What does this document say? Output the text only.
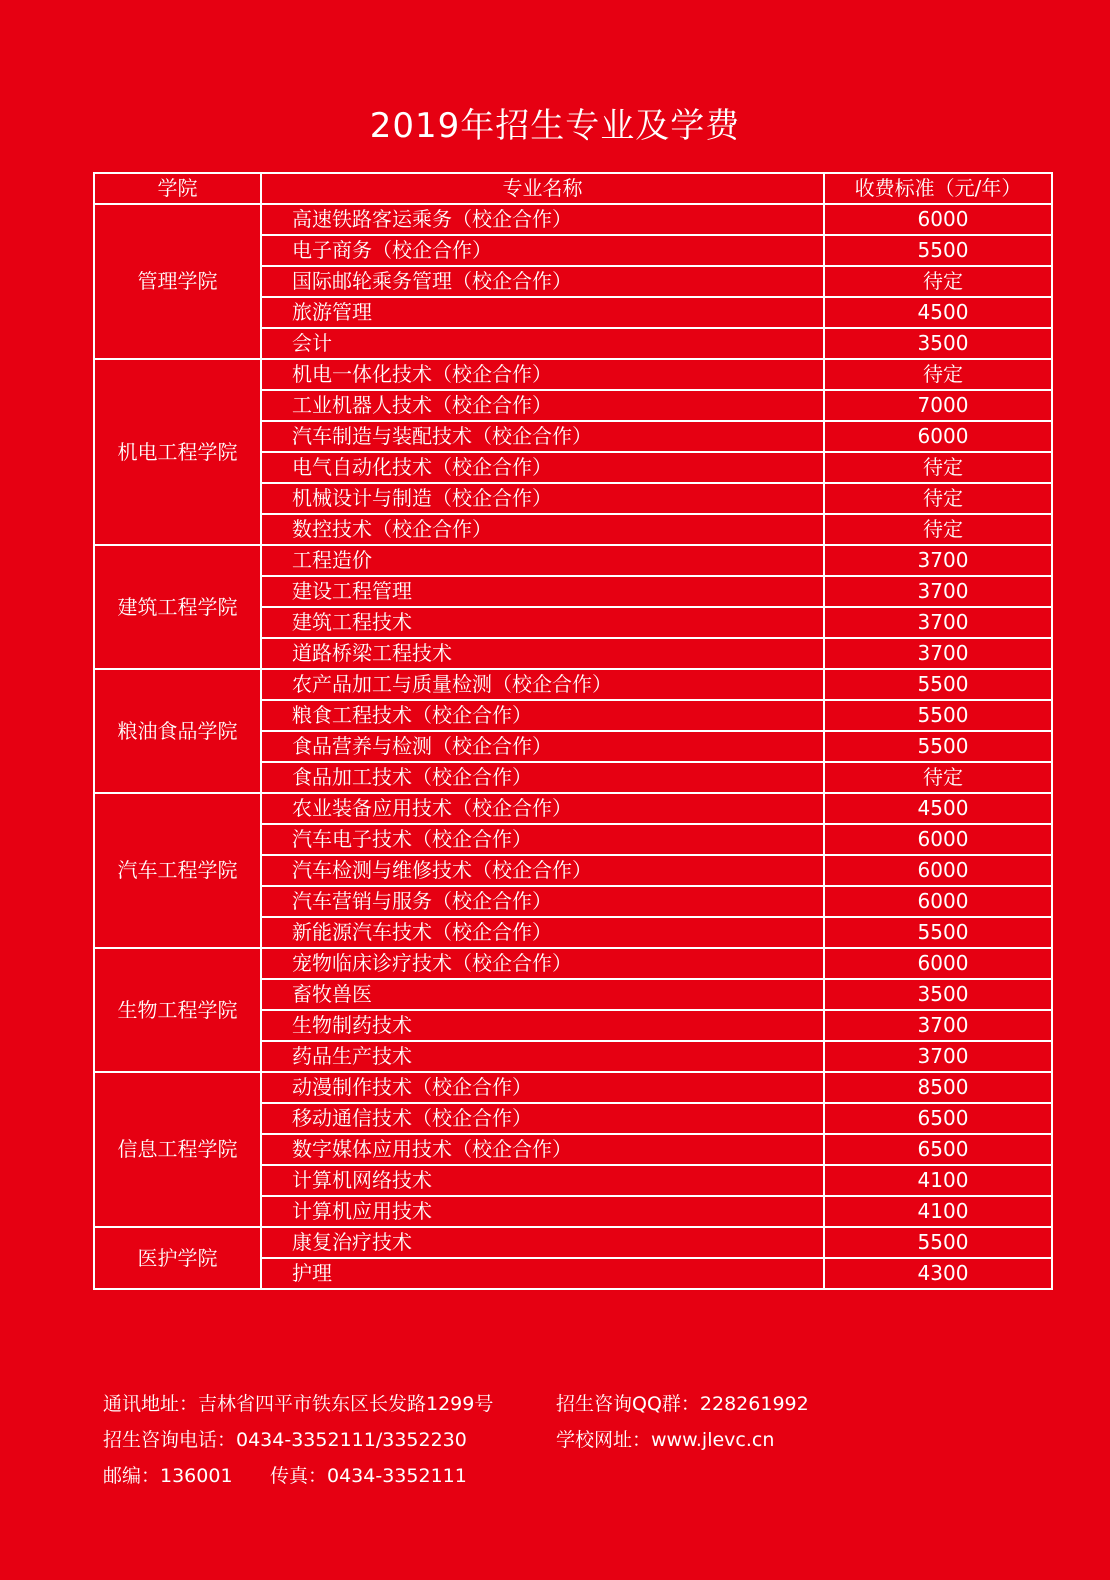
2019年招生专业及学费
学院	专业名称	收费标准（元/年）
管理学院	高速铁路客运乘务（校企合作）	6000
	电子商务（校企合作）	5500
	国际邮轮乘务管理（校企合作）	待定
	旅游管理	4500
	会计	3500
机电工程学院	机电一体化技术（校企合作）	待定
	工业机器人技术（校企合作）	7000
	汽车制造与装配技术（校企合作）	6000
	电气自动化技术（校企合作）	待定
	机械设计与制造（校企合作）	待定
	数控技术（校企合作）	待定
建筑工程学院	工程造价	3700
	建设工程管理	3700
	建筑工程技术	3700
	道路桥梁工程技术	3700
粮油食品学院	农产品加工与质量检测（校企合作）	5500
	粮食工程技术（校企合作）	5500
	食品营养与检测（校企合作）	5500
	食品加工技术（校企合作）	待定
汽车工程学院	农业装备应用技术（校企合作）	4500
	汽车电子技术（校企合作）	6000
	汽车检测与维修技术（校企合作）	6000
	汽车营销与服务（校企合作）	6000
	新能源汽车技术（校企合作）	5500
生物工程学院	宠物临床诊疗技术（校企合作）	6000
	畜牧兽医	3500
	生物制药技术	3700
	药品生产技术	3700
信息工程学院	动漫制作技术（校企合作）	8500
	移动通信技术（校企合作）	6500
	数字媒体应用技术（校企合作）	6500
	计算机网络技术	4100
	计算机应用技术	4100
医护学院	康复治疗技术	5500
	护理	4300
通讯地址：吉林省四平市铁东区长发路1299号	招生咨询QQ群：228261992
招生咨询电话：0434-3352111/3352230	学校网址：www.jlevc.cn
邮编：136001 传真：0434-3352111
